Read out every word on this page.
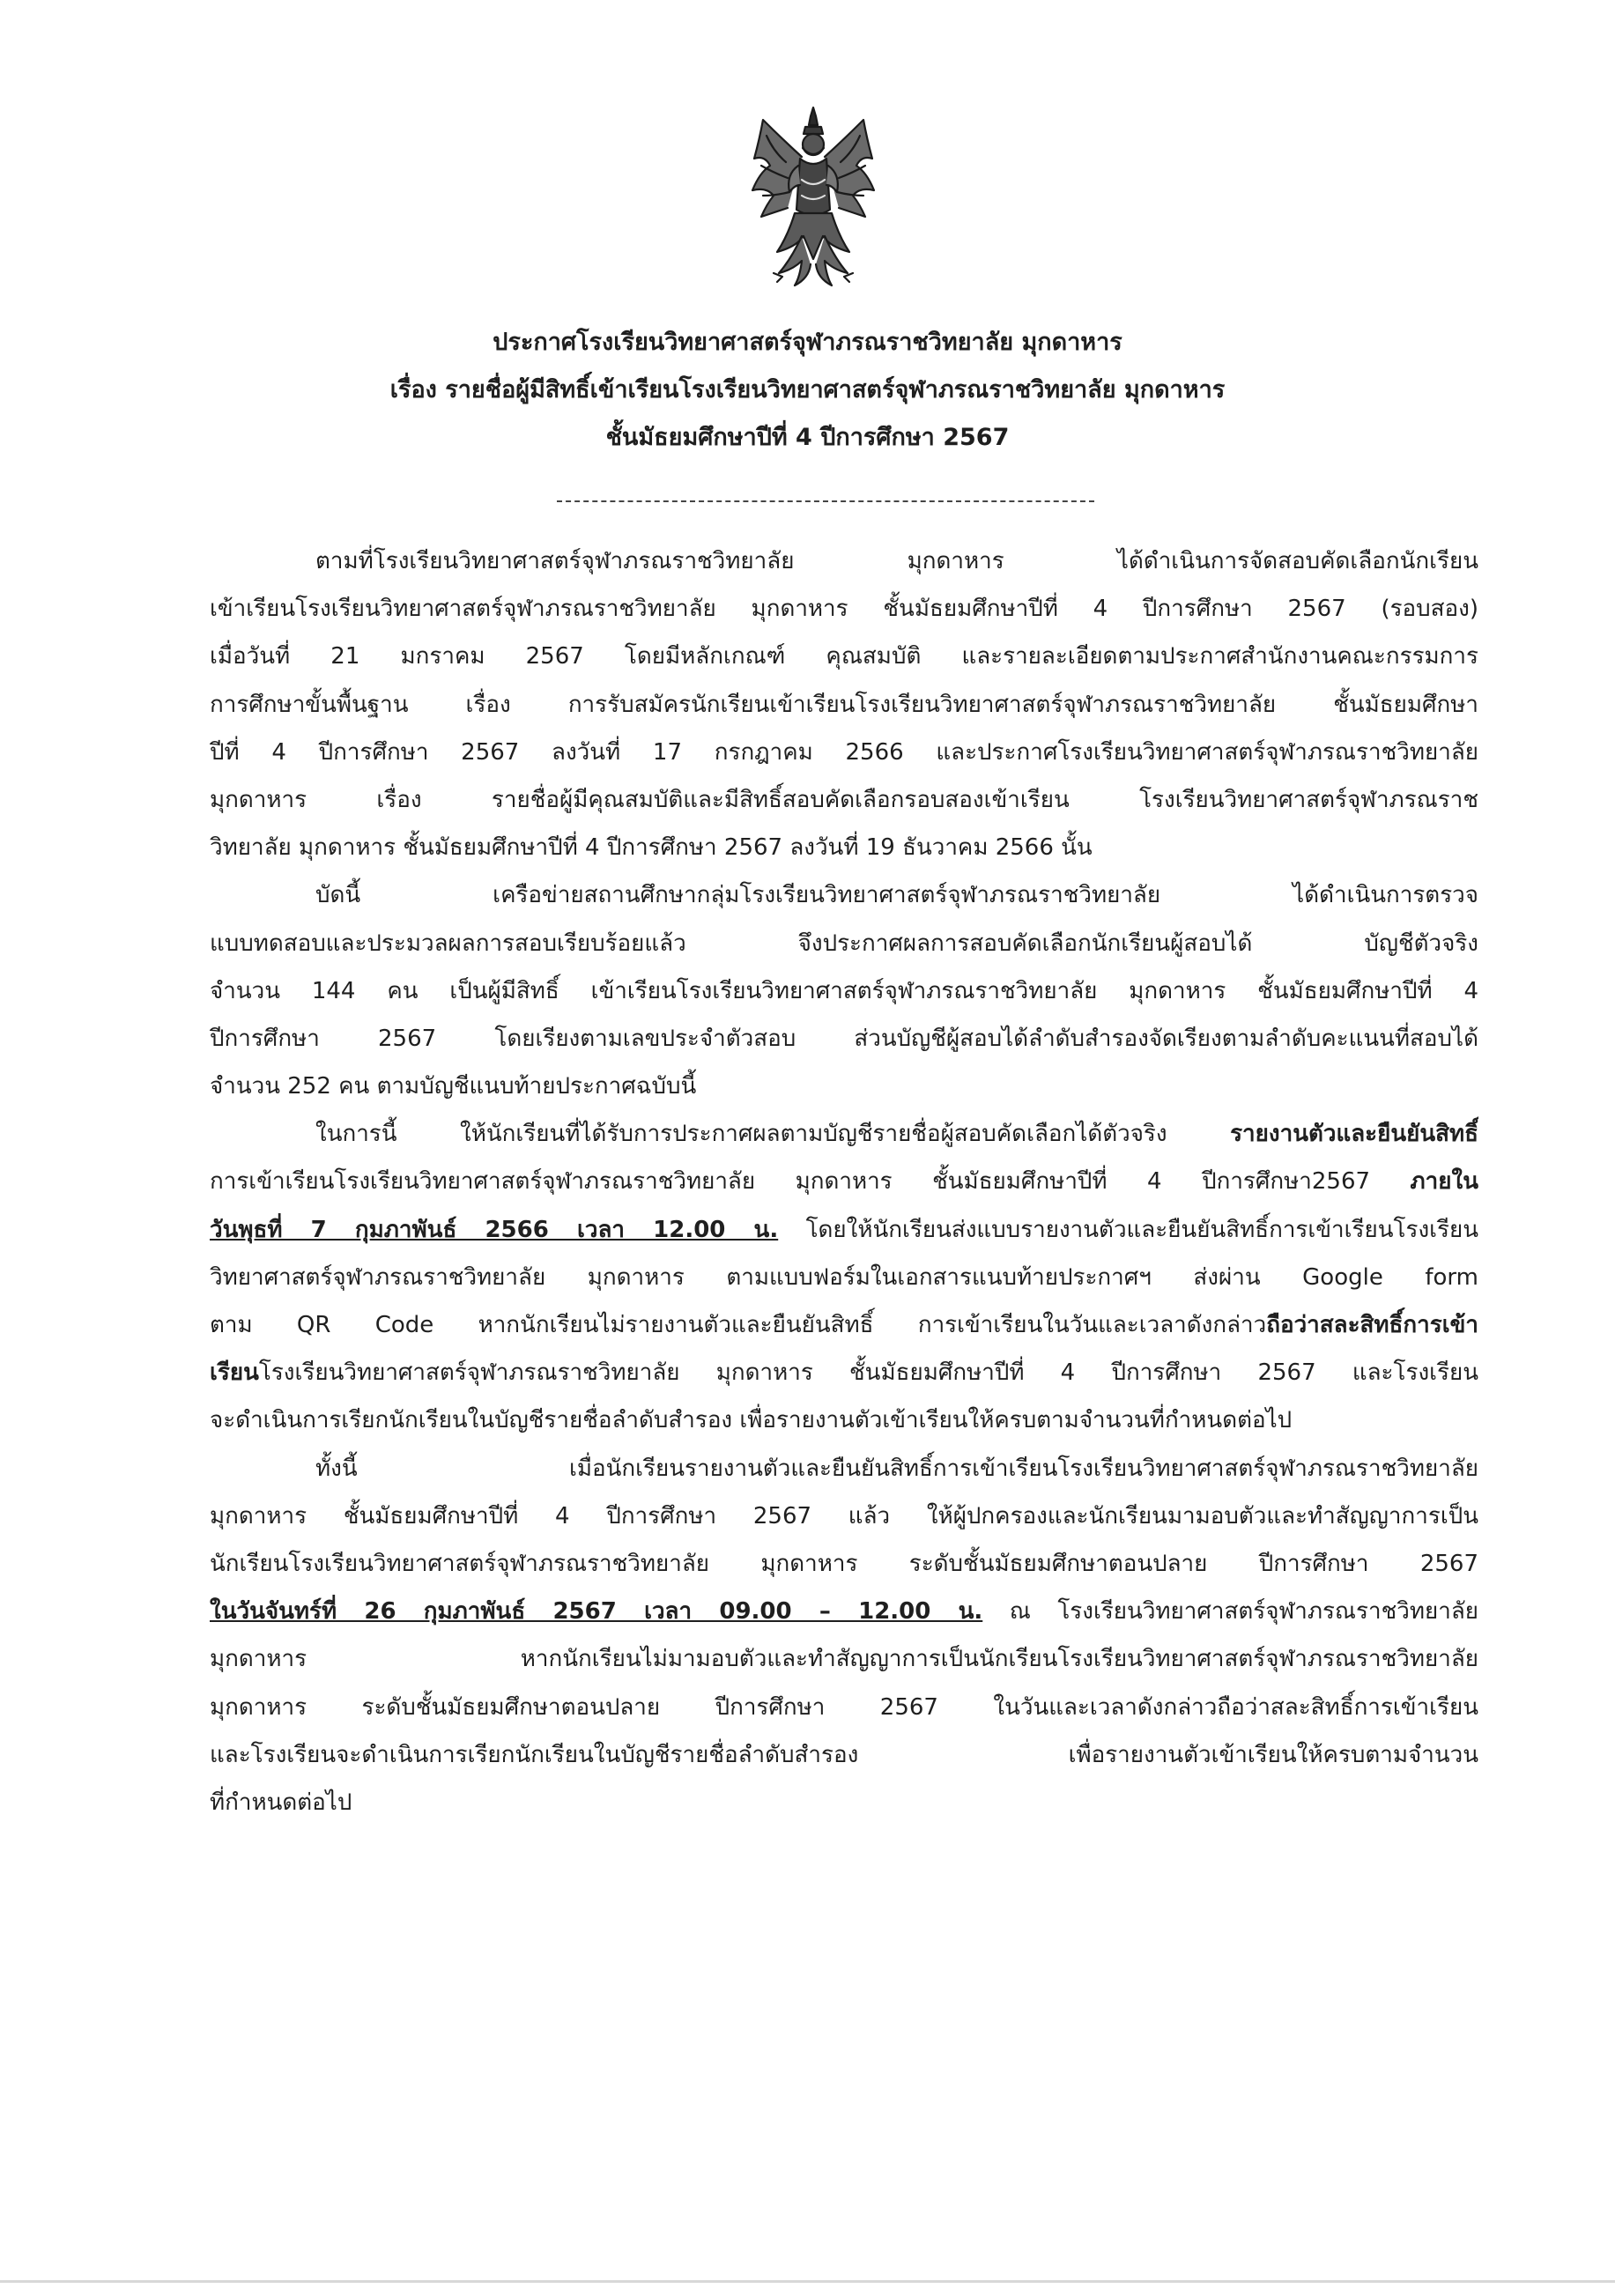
ประกาศโรงเรียนวิทยาศาสตร์จุฬาภรณราชวิทยาลัย มุกดาหาร
เรื่อง รายชื่อผู้มีสิทธิ์เข้าเรียนโรงเรียนวิทยาศาสตร์จุฬาภรณราชวิทยาลัย มุกดาหาร
ชั้นมัธยมศึกษาปีที่ 4 ปีการศึกษา 2567
ตามที่โรงเรียนวิทยาศาสตร์จุฬาภรณราชวิทยาลัย มุกดาหาร ได้ดำเนินการจัดสอบคัดเลือกนักเรียน
เข้าเรียนโรงเรียนวิทยาศาสตร์จุฬาภรณราชวิทยาลัย มุกดาหาร ชั้นมัธยมศึกษาปีที่ 4 ปีการศึกษา 2567 (รอบสอง)
เมื่อวันที่ 21 มกราคม 2567 โดยมีหลักเกณฑ์ คุณสมบัติ และรายละเอียดตามประกาศสำนักงานคณะกรรมการ
การศึกษาขั้นพื้นฐาน เรื่อง การรับสมัครนักเรียนเข้าเรียนโรงเรียนวิทยาศาสตร์จุฬาภรณราชวิทยาลัย ชั้นมัธยมศึกษา
ปีที่ 4 ปีการศึกษา 2567 ลงวันที่ 17 กรกฎาคม 2566 และประกาศโรงเรียนวิทยาศาสตร์จุฬาภรณราชวิทยาลัย
มุกดาหาร เรื่อง รายชื่อผู้มีคุณสมบัติและมีสิทธิ์สอบคัดเลือกรอบสองเข้าเรียน โรงเรียนวิทยาศาสตร์จุฬาภรณราช
วิทยาลัย มุกดาหาร ชั้นมัธยมศึกษาปีที่ 4 ปีการศึกษา 2567 ลงวันที่ 19 ธันวาคม 2566 นั้น
บัดนี้ เครือข่ายสถานศึกษากลุ่มโรงเรียนวิทยาศาสตร์จุฬาภรณราชวิทยาลัย ได้ดำเนินการตรวจ
แบบทดสอบและประมวลผลการสอบเรียบร้อยแล้ว จึงประกาศผลการสอบคัดเลือกนักเรียนผู้สอบได้ บัญชีตัวจริง
จำนวน 144 คน เป็นผู้มีสิทธิ์ เข้าเรียนโรงเรียนวิทยาศาสตร์จุฬาภรณราชวิทยาลัย มุกดาหาร ชั้นมัธยมศึกษาปีที่ 4
ปีการศึกษา 2567 โดยเรียงตามเลขประจำตัวสอบ ส่วนบัญชีผู้สอบได้ลำดับสำรองจัดเรียงตามลำดับคะแนนที่สอบได้
จำนวน 252 คน ตามบัญชีแนบท้ายประกาศฉบับนี้
ในการนี้ ให้นักเรียนที่ได้รับการประกาศผลตามบัญชีรายชื่อผู้สอบคัดเลือกได้ตัวจริง รายงานตัวและยืนยันสิทธิ์
การเข้าเรียนโรงเรียนวิทยาศาสตร์จุฬาภรณราชวิทยาลัย มุกดาหาร ชั้นมัธยมศึกษาปีที่ 4 ปีการศึกษา2567 ภายใน
วันพุธที่ 7 กุมภาพันธ์ 2566 เวลา 12.00 น. โดยให้นักเรียนส่งแบบรายงานตัวและยืนยันสิทธิ์การเข้าเรียนโรงเรียน
วิทยาศาสตร์จุฬาภรณราชวิทยาลัย มุกดาหาร ตามแบบฟอร์มในเอกสารแนบท้ายประกาศฯ ส่งผ่าน Google form
ตาม QR Code หากนักเรียนไม่รายงานตัวและยืนยันสิทธิ์ การเข้าเรียนในวันและเวลาดังกล่าวถือว่าสละสิทธิ์การเข้า
เรียนโรงเรียนวิทยาศาสตร์จุฬาภรณราชวิทยาลัย มุกดาหาร ชั้นมัธยมศึกษาปีที่ 4 ปีการศึกษา 2567 และโรงเรียน
จะดำเนินการเรียกนักเรียนในบัญชีรายชื่อลำดับสำรอง เพื่อรายงานตัวเข้าเรียนให้ครบตามจำนวนที่กำหนดต่อไป
ทั้งนี้ เมื่อนักเรียนรายงานตัวและยืนยันสิทธิ์การเข้าเรียนโรงเรียนวิทยาศาสตร์จุฬาภรณราชวิทยาลัย
มุกดาหาร ชั้นมัธยมศึกษาปีที่ 4 ปีการศึกษา 2567 แล้ว ให้ผู้ปกครองและนักเรียนมามอบตัวและทำสัญญาการเป็น
นักเรียนโรงเรียนวิทยาศาสตร์จุฬาภรณราชวิทยาลัย มุกดาหาร ระดับชั้นมัธยมศึกษาตอนปลาย ปีการศึกษา 2567
ในวันจันทร์ที่ 26 กุมภาพันธ์ 2567 เวลา 09.00 – 12.00 น. ณ โรงเรียนวิทยาศาสตร์จุฬาภรณราชวิทยาลัย
มุกดาหาร หากนักเรียนไม่มามอบตัวและทำสัญญาการเป็นนักเรียนโรงเรียนวิทยาศาสตร์จุฬาภรณราชวิทยาลัย
มุกดาหาร ระดับชั้นมัธยมศึกษาตอนปลาย ปีการศึกษา 2567 ในวันและเวลาดังกล่าวถือว่าสละสิทธิ์การเข้าเรียน
และโรงเรียนจะดำเนินการเรียกนักเรียนในบัญชีรายชื่อลำดับสำรอง เพื่อรายงานตัวเข้าเรียนให้ครบตามจำนวน
ที่กำหนดต่อไป
